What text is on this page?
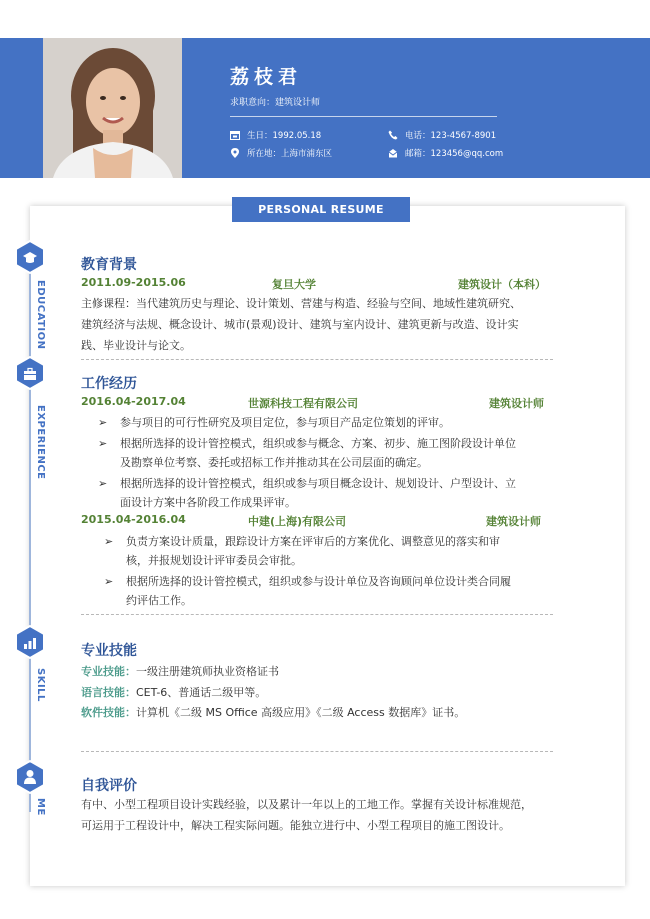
荔枝君
求职意向：建筑设计师
生日：1992.05.18	电话：123-4567-8901
所在地：上海市浦东区	邮箱：123456@qq.com
PERSONAL RESUME
EDUCATION
EXPERIENCE
SKILL
ME
教育背景
2011.09-2015.06	复旦大学	建筑设计（本科）
主修课程：当代建筑历史与理论、设计策划、营建与构造、经验与空间、地域性建筑研究、
建筑经济与法规、概念设计、城市(景观)设计、建筑与室内设计、建筑更新与改造、设计实
践、毕业设计与论文。
工作经历
2016.04-2017.04	世源科技工程有限公司	建筑设计师
➢ 参与项目的可行性研究及项目定位，参与项目产品定位策划的评审。
➢ 根据所选择的设计管控模式，组织或参与概念、方案、初步、施工图阶段设计单位
及勘察单位考察、委托或招标工作并推动其在公司层面的确定。
➢ 根据所选择的设计管控模式，组织或参与项目概念设计、规划设计、户型设计、立
面设计方案中各阶段工作成果评审。
2015.04-2016.04	中建(上海)有限公司	建筑设计师
➢ 负责方案设计质量，跟踪设计方案在评审后的方案优化、调整意见的落实和审
核，并报规划设计评审委员会审批。
➢ 根据所选择的设计管控模式，组织或参与设计单位及咨询顾问单位设计类合同履
约评估工作。
专业技能
专业技能：一级注册建筑师执业资格证书
语言技能：CET-6、普通话二级甲等。
软件技能：计算机《二级 MS Office 高级应用》《二级 Access 数据库》证书。
自我评价
有中、小型工程项目设计实践经验，以及累计一年以上的工地工作。掌握有关设计标准规范，
可运用于工程设计中，解决工程实际问题。能独立进行中、小型工程项目的施工图设计。
